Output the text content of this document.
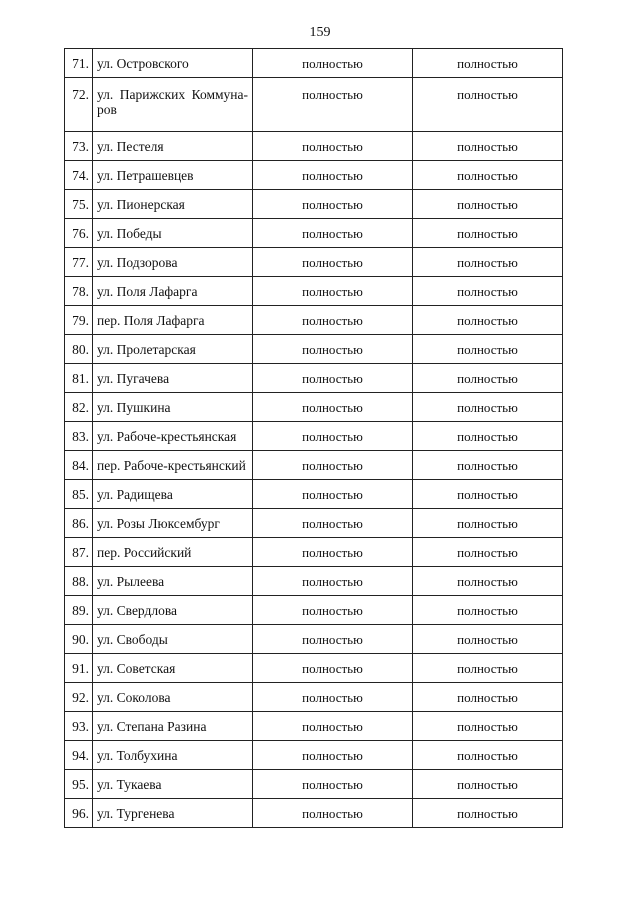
159
71.	ул. Островского	полностью	полностью
72.	ул. Парижских Коммуна-ров	полностью	полностью
73.	ул. Пестеля	полностью	полностью
74.	ул. Петрашевцев	полностью	полностью
75.	ул. Пионерская	полностью	полностью
76.	ул. Победы	полностью	полностью
77.	ул. Подзорова	полностью	полностью
78.	ул. Поля Лафарга	полностью	полностью
79.	пер. Поля Лафарга	полностью	полностью
80.	ул. Пролетарская	полностью	полностью
81.	ул. Пугачева	полностью	полностью
82.	ул. Пушкина	полностью	полностью
83.	ул. Рабоче-крестьянская	полностью	полностью
84.	пер. Рабоче-крестьянский	полностью	полностью
85.	ул. Радищева	полностью	полностью
86.	ул. Розы Люксембург	полностью	полностью
87.	пер. Российский	полностью	полностью
88.	ул. Рылеева	полностью	полностью
89.	ул. Свердлова	полностью	полностью
90.	ул. Свободы	полностью	полностью
91.	ул. Советская	полностью	полностью
92.	ул. Соколова	полностью	полностью
93.	ул. Степана Разина	полностью	полностью
94.	ул. Толбухина	полностью	полностью
95.	ул. Тукаева	полностью	полностью
96.	ул. Тургенева	полностью	полностью
